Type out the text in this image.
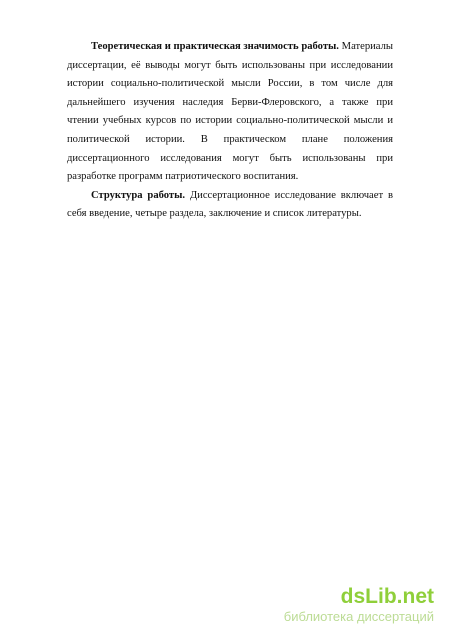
Теоретическая и практическая значимость работы. Материалы диссертации, её выводы могут быть использованы при исследовании истории социально-политической мысли России, в том числе для дальнейшего изучения наследия Берви-Флеровского, а также при чтении учебных курсов по истории социально-политической мысли и политической истории. В практическом плане положения диссертационного исследования могут быть использованы при разработке программ патриотического воспитания.

Структура работы. Диссертационное исследование включает в себя введение, четыре раздела, заключение и список литературы.

dsLib.net
библиотека диссертаций
